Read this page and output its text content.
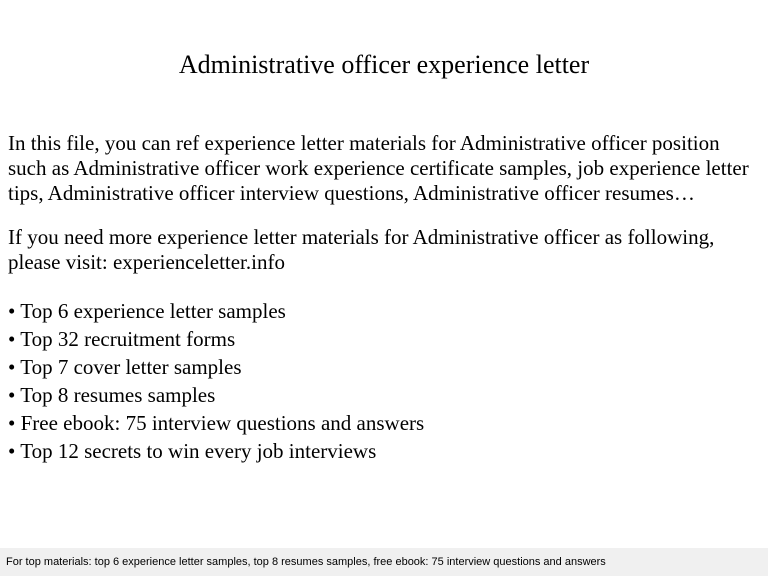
Administrative officer experience letter

In this file, you can ref experience letter materials for Administrative officer position
such as Administrative officer work experience certificate samples, job experience letter
tips, Administrative officer interview questions, Administrative officer resumes…

If you need more experience letter materials for Administrative officer as following,
please visit: experienceletter.info

• Top 6 experience letter samples
• Top 32 recruitment forms
• Top 7 cover letter samples
• Top 8 resumes samples
• Free ebook: 75 interview questions and answers
• Top 12 secrets to win every job interviews
For top materials: top 6 experience letter samples, top 8 resumes samples, free ebook: 75 interview questions and answers
